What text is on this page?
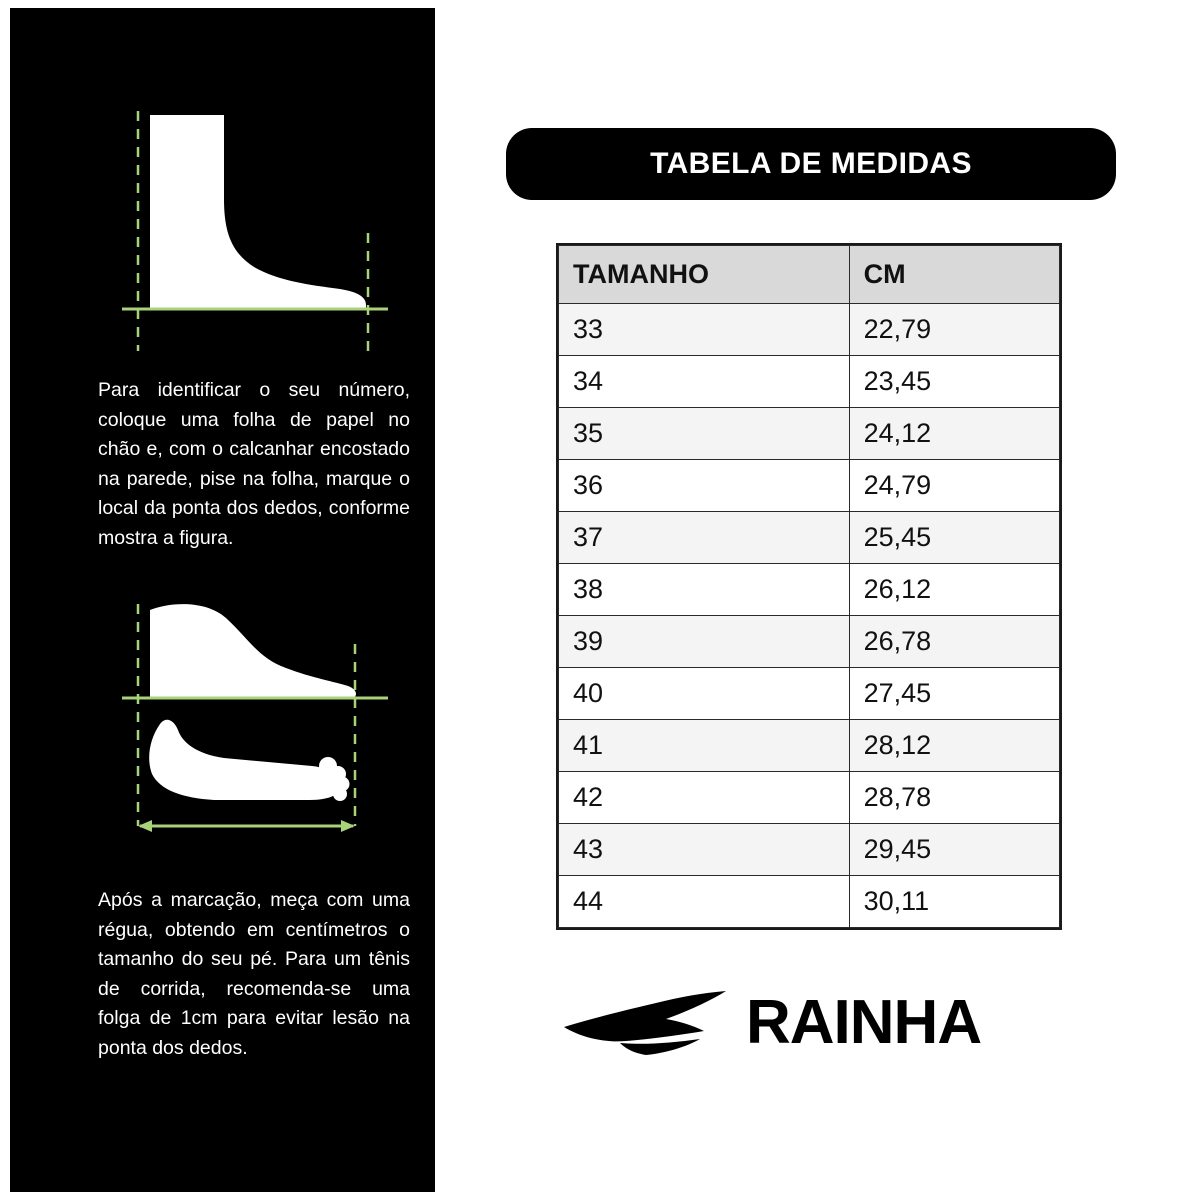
Para identificar o seu número, coloque uma folha de papel no chão e, com o calcanhar encostado na parede, pise na folha, marque o local da ponta dos dedos, conforme mostra a figura.
Após a marcação, meça com uma régua, obtendo em centímetros o tamanho do seu pé. Para um tênis de corrida, recomenda-se uma folga de 1cm para evitar lesão na ponta dos dedos.
TABELA DE MEDIDAS
TAMANHO	CM
33	22,79
34	23,45
35	24,12
36	24,79
37	25,45
38	26,12
39	26,78
40	27,45
41	28,12
42	28,78
43	29,45
44	30,11
RAINHA
